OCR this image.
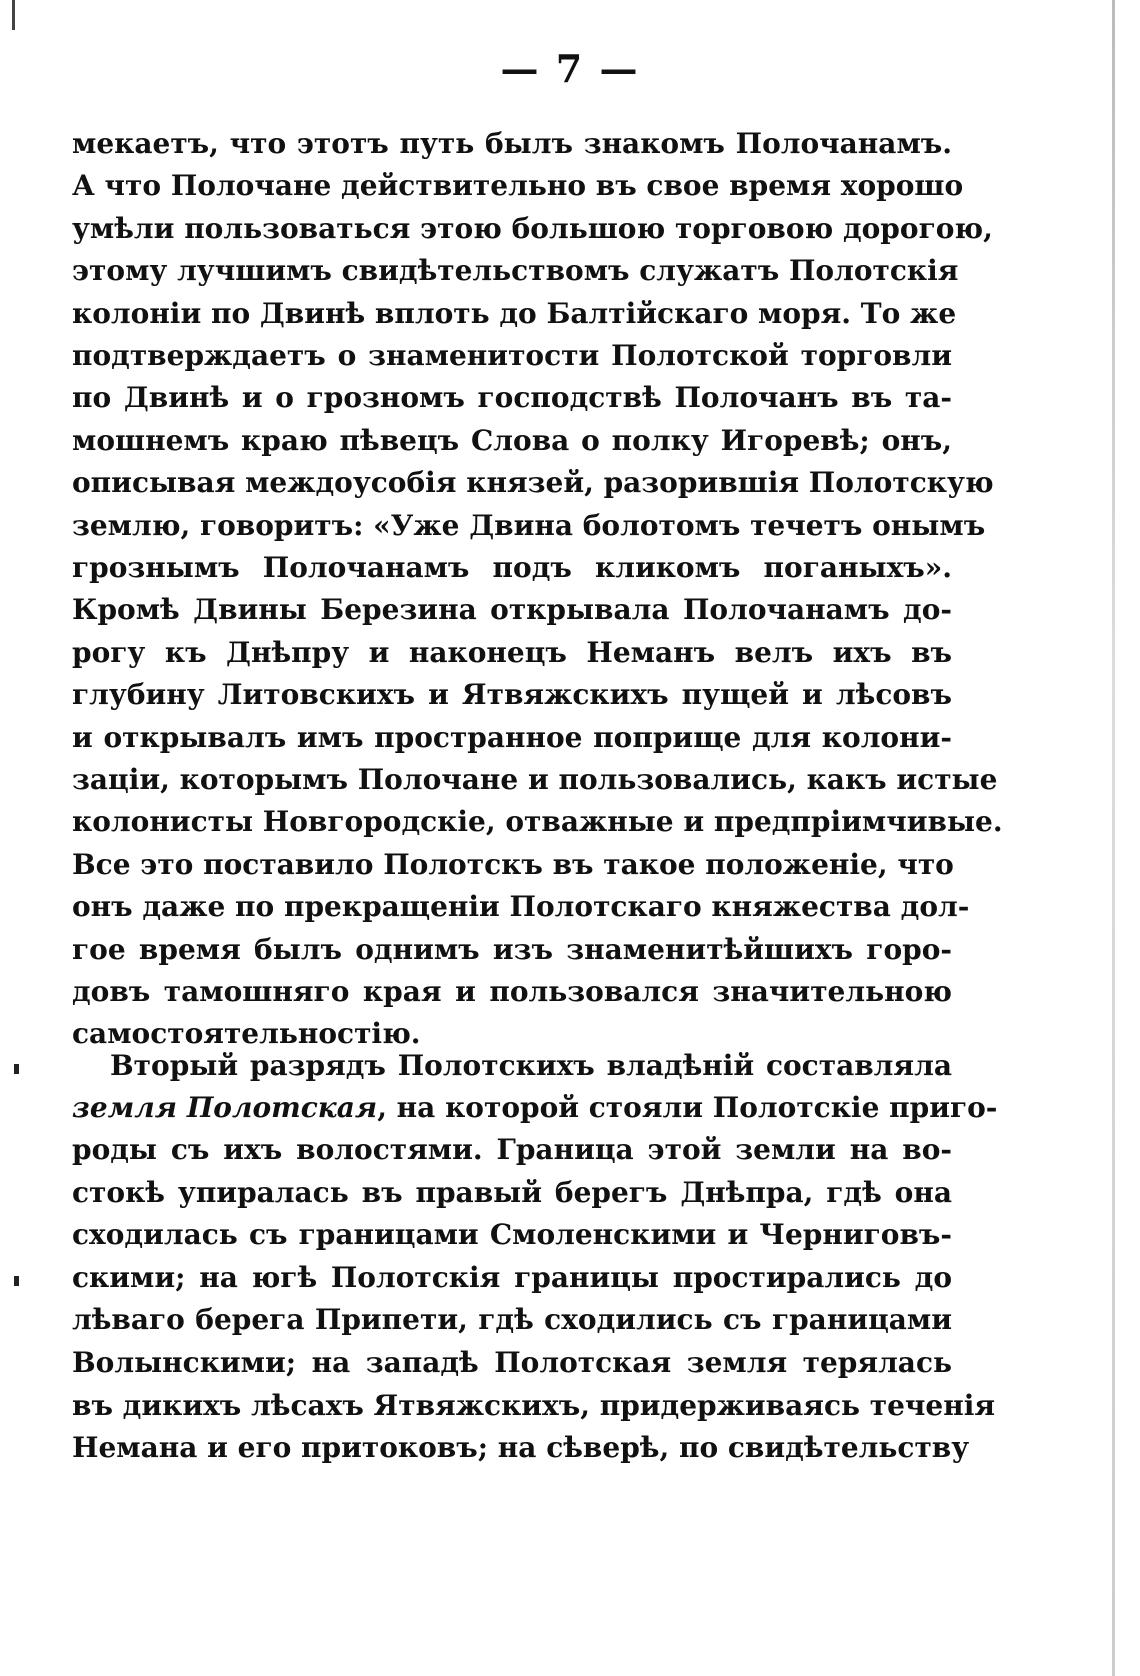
— 7 —
мекаетъ, что этотъ путь былъ знакомъ Полочанамъ.
А что Полочане действительно въ свое время хорошо
умѣли пользоваться этою большою торговою дорогою,
этому лучшимъ свидѣтельствомъ служатъ Полотскія
колоніи по Двинѣ вплоть до Балтійскаго моря. То же
подтверждаетъ о знаменитости Полотской торговли
по Двинѣ и о грозномъ господствѣ Полочанъ въ та-
мошнемъ краю пѣвецъ Слова о полку Игоревѣ; онъ,
описывая междоусобія князей, разорившія Полотскую
землю, говоритъ: «Уже Двина болотомъ течетъ онымъ
грознымъ Полочанамъ подъ кликомъ поганыхъ».
Кромѣ Двины Березина открывала Полочанамъ до-
рогу къ Днѣпру и наконецъ Неманъ велъ ихъ въ
глубину Литовскихъ и Ятвяжскихъ пущей и лѣсовъ
и открывалъ имъ пространное поприще для колони-
заціи, которымъ Полочане и пользовались, какъ истые
колонисты Новгородскіе, отважные и предпріимчивые.
Все это поставило Полотскъ въ такое положеніе, что
онъ даже по прекращеніи Полотскаго княжества дол-
гое время былъ однимъ изъ знаменитѣйшихъ горо-
довъ тамошняго края и пользовался значительною
самостоятельностію.
Вторый разрядъ Полотскихъ владѣній составляла
земля Полотская, на которой стояли Полотскіе приго-
роды съ ихъ волостями. Граница этой земли на во-
стокѣ упиралась въ правый берегъ Днѣпра, гдѣ она
сходилась съ границами Смоленскими и Черниговъ-
скими; на югѣ Полотскія границы простирались до
лѣваго берега Припети, гдѣ сходились съ границами
Волынскими; на западѣ Полотская земля терялась
въ дикихъ лѣсахъ Ятвяжскихъ, придерживаясь теченія
Немана и его притоковъ; на сѣверѣ, по свидѣтельству
